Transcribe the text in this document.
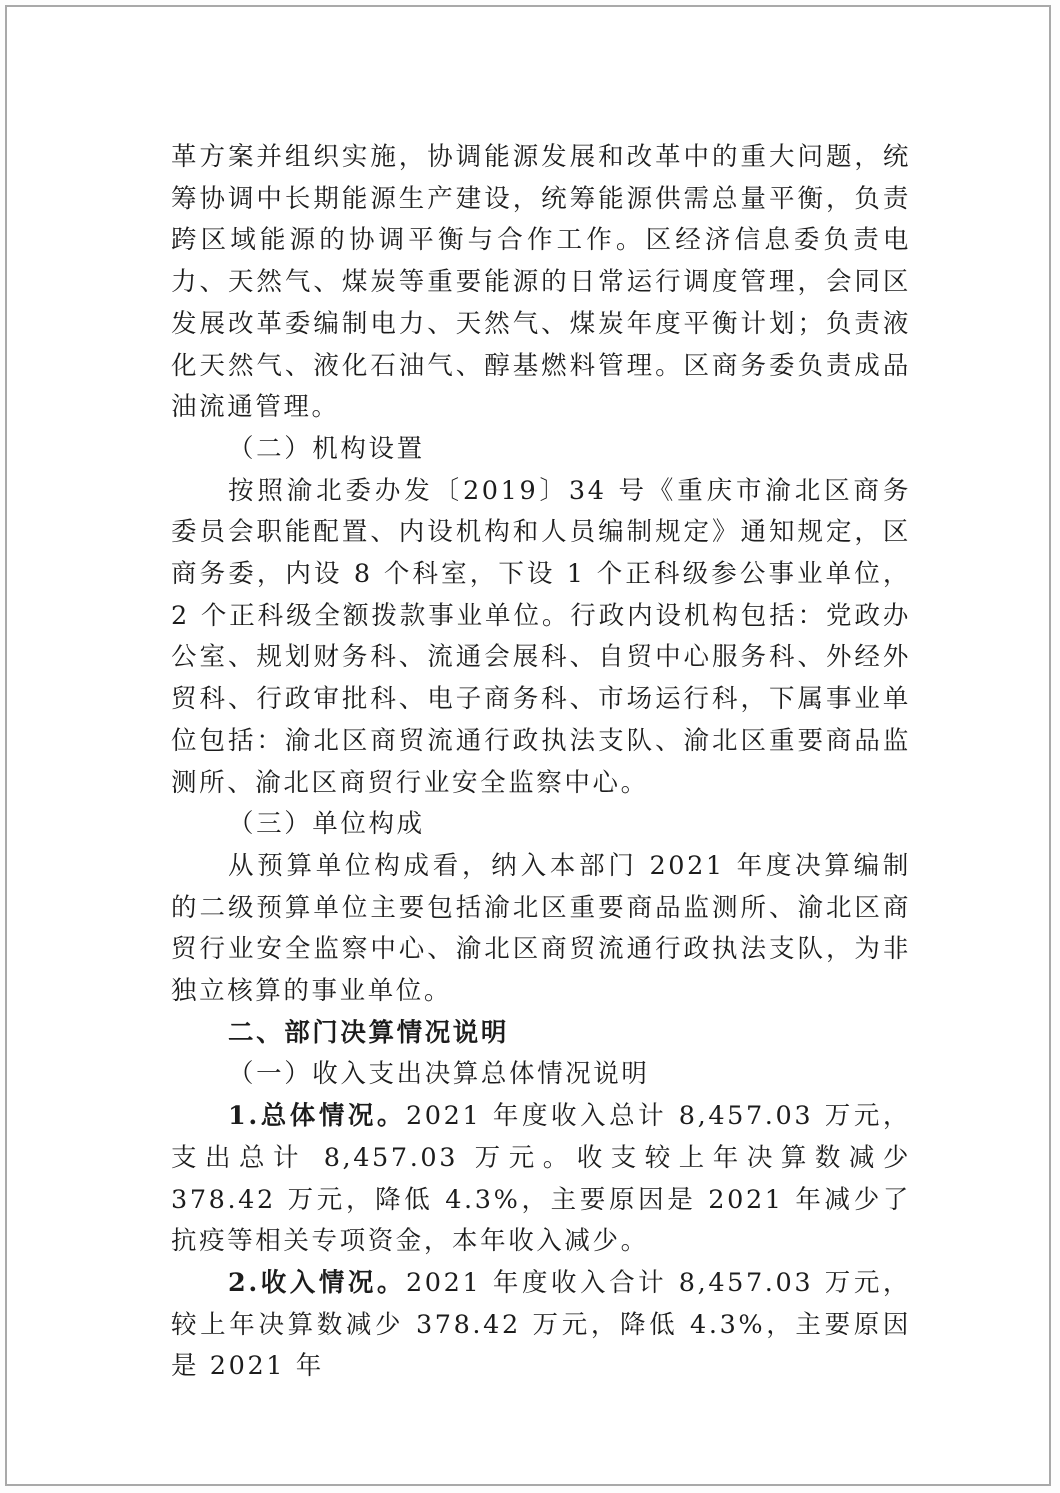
革方案并组织实施，协调能源发展和改革中的重大问题，统筹协调中长期能源生产建设，统筹能源供需总量平衡，负责跨区域能源的协调平衡与合作工作。区经济信息委负责电力、天然气、煤炭等重要能源的日常运行调度管理，会同区发展改革委编制电力、天然气、煤炭年度平衡计划；负责液化天然气、液化石油气、醇基燃料管理。区商务委负责成品油流通管理。

（二）机构设置

按照渝北委办发〔2019〕34 号《重庆市渝北区商务委员会职能配置、内设机构和人员编制规定》通知规定，区商务委，内设 8 个科室，下设 1 个正科级参公事业单位，2 个正科级全额拨款事业单位。行政内设机构包括：党政办公室、规划财务科、流通会展科、自贸中心服务科、外经外贸科、行政审批科、电子商务科、市场运行科，下属事业单位包括：渝北区商贸流通行政执法支队、渝北区重要商品监测所、渝北区商贸行业安全监察中心。

（三）单位构成

从预算单位构成看，纳入本部门 2021 年度决算编制的二级预算单位主要包括渝北区重要商品监测所、渝北区商贸行业安全监察中心、渝北区商贸流通行政执法支队，为非独立核算的事业单位。

二、部门决算情况说明

（一）收入支出决算总体情况说明

1.总体情况。2021 年度收入总计 8,457.03 万元，支出总计 8,457.03 万元。收支较上年决算数减少 378.42 万元，降低 4.3%，主要原因是 2021 年减少了抗疫等相关专项资金，本年收入减少。

2.收入情况。2021 年度收入合计 8,457.03 万元，较上年决算数减少 378.42 万元，降低 4.3%，主要原因是 2021 年
